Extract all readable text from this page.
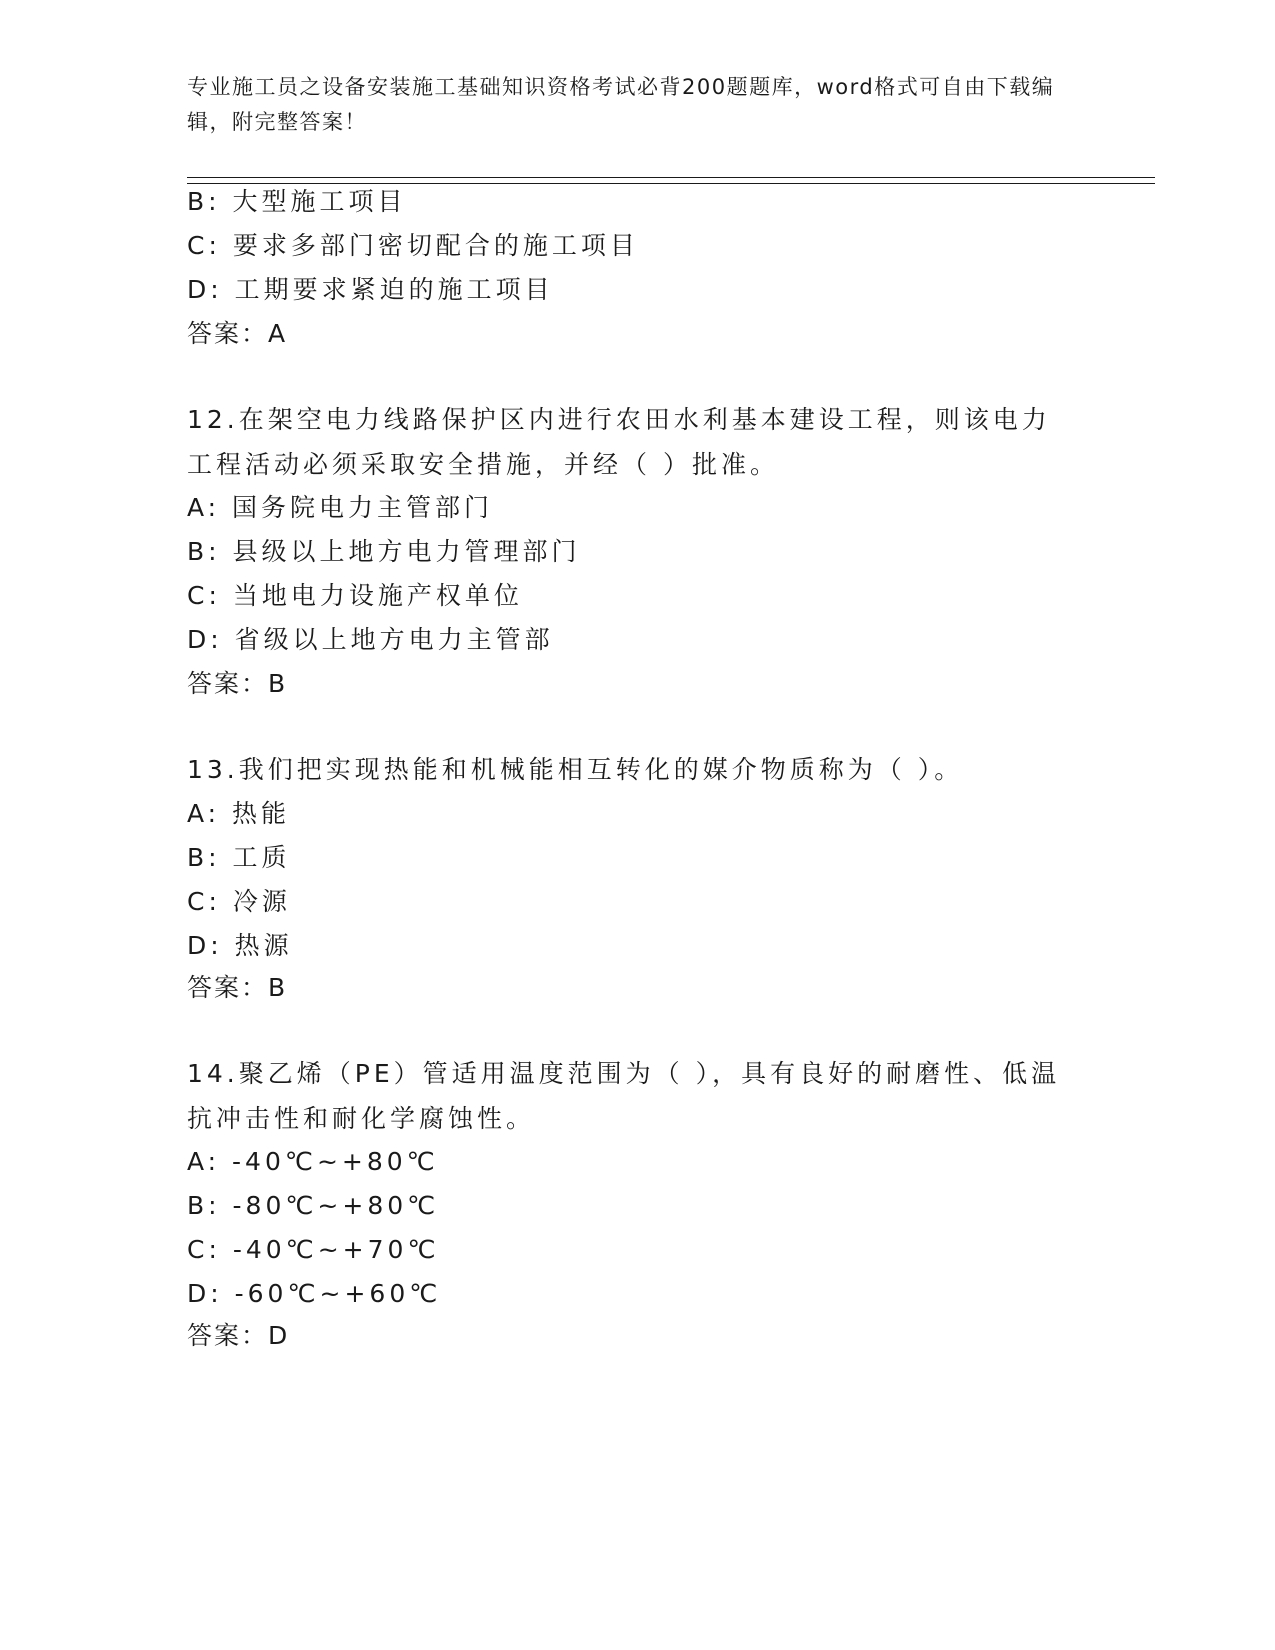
专业施工员之设备安装施工基础知识资格考试必背200题题库，word格式可自由下载编辑，附完整答案！
B: 大型施工项目
C: 要求多部门密切配合的施工项目
D: 工期要求紧迫的施工项目
答案：A
12.在架空电力线路保护区内进行农田水利基本建设工程，则该电力工程活动必须采取安全措施，并经（ ）批准。
A: 国务院电力主管部门
B: 县级以上地方电力管理部门
C: 当地电力设施产权单位
D: 省级以上地方电力主管部
答案：B
13.我们把实现热能和机械能相互转化的媒介物质称为（ ）。
A: 热能
B: 工质
C: 冷源
D: 热源
答案：B
14.聚乙烯（PE）管适用温度范围为（ ），具有良好的耐磨性、低温抗冲击性和耐化学腐蚀性。
A: -40℃~+80℃
B: -80℃~+80℃
C: -40℃~+70℃
D: -60℃~+60℃
答案：D
